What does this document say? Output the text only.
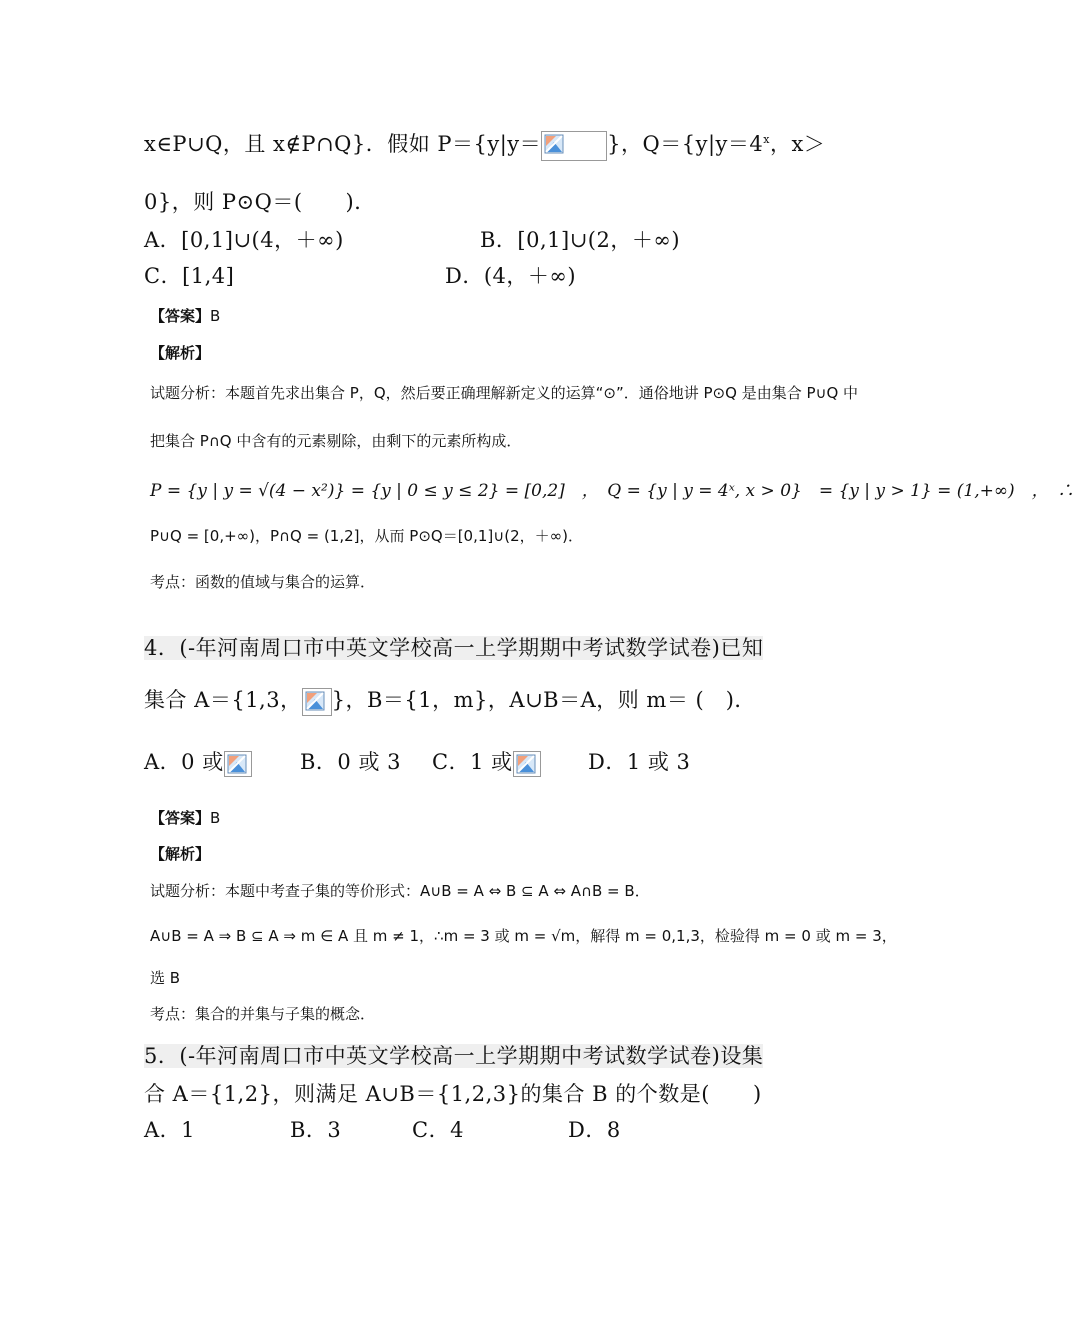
x∈P∪Q，且 x∉P∩Q}．假如 P＝{y|y＝	}，$Q=\{y|y=4^x$，x＞
0}，则 P⊙Q＝(　　)．
A．[0,1]∪(4，＋∞)	B．[0,1]∪(2，＋∞)
C．[1,4]	D．(4，＋∞)
【答案】B
【解析】
试题分析：本题首先求出集合 P，Q，然后要正确理解新定义的运算“⊙”．通俗地讲 P⊙Q 是由集合 P∪Q 中
把集合 P∩Q 中含有的元素剔除，由剩下的元素所构成．
P = {y | y = √(4 − x²)} = {y | 0 ≤ y ≤ 2} = [0,2]　，　Q = {y | y = 4ˣ, x > 0}　= {y | y > 1} = (1,+∞)　，　∴
P∪Q = [0,+∞)，P∩Q = (1,2]，从而 P⊙Q＝[0,1]∪(2，＋∞)．
考点：函数的值域与集合的运算．
4．(-年河南周口市中英文学校高一上学期期中考试数学试卷)已知
集合 A＝{1,3， }，B＝{1，m}，A∪B＝A，则 m＝ (　)．
A．0 或	B．0 或 3 C．1 或	D．1 或 3
【答案】B
【解析】
试题分析：本题中考查子集的等价形式：A∪B = A ⇔ B ⊆ A ⇔ A∩B = B．
A∪B = A ⇒ B ⊆ A ⇒ m ∈ A 且 m ≠ 1，∴m = 3 或 m = √m，解得 m = 0,1,3，检验得 m = 0 或 m = 3，
选 B
考点：集合的并集与子集的概念．
5．(-年河南周口市中英文学校高一上学期期中考试数学试卷)设集
合 A＝{1,2}，则满足 A∪B＝{1,2,3}的集合 B 的个数是(　　)
A．1	B．3	C．4	D．8
